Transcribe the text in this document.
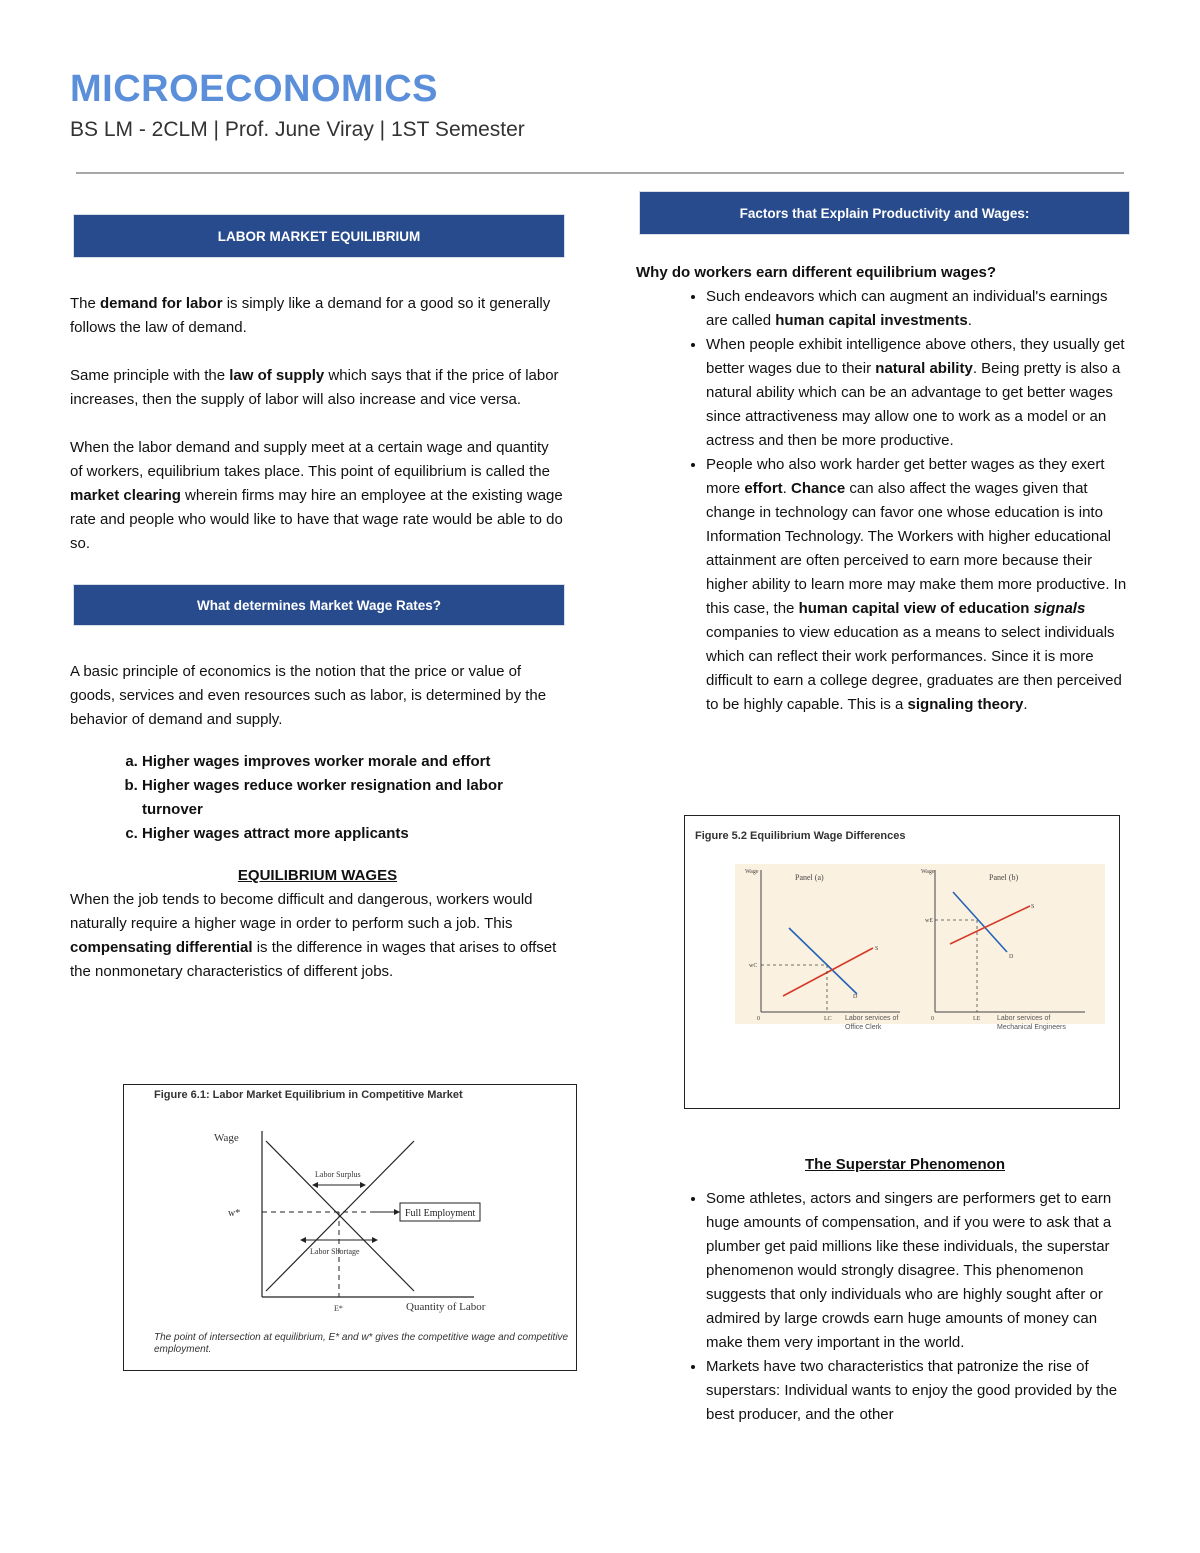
MICROECONOMICS

BS LM - 2CLM | Prof. June Viray | 1ST Semester

LABOR MARKET EQUILIBRIUM

The demand for labor is simply like a demand for a good so it generally follows the law of demand.

Same principle with the law of supply which says that if the price of labor increases, then the supply of labor will also increase and vice versa.

When the labor demand and supply meet at a certain wage and quantity of workers, equilibrium takes place. This point of equilibrium is called the market clearing wherein firms may hire an employee at the existing wage rate and people who would like to have that wage rate would be able to do so.

What determines Market Wage Rates?

A basic principle of economics is the notion that the price or value of goods, services and even resources such as labor, is determined by the behavior of demand and supply.

a. Higher wages improves worker morale and effort
b. Higher wages reduce worker resignation and labor turnover
c. Higher wages attract more applicants
EQUILIBRIUM WAGES

When the job tends to become difficult and dangerous, workers would naturally require a higher wage in order to perform such a job. This compensating differential is the difference in wages that arises to offset the nonmonetary characteristics of different jobs.

Figure 6.1: Labor Market Equilibrium in Competitive Market
Wage
w*
Labor Surplus
Labor Shortage
Full Employment
E*	Quantity of Labor
The point of intersection at equilibrium, E* and w* gives the competitive wage and competitive employment.
Factors that Explain Productivity and Wages:

Why do workers earn different equilibrium wages?

• Such endeavors which can augment an individual's earnings are called human capital investments.
• When people exhibit intelligence above others, they usually get better wages due to their natural ability. Being pretty is also a natural ability which can be an advantage to get better wages since attractiveness may allow one to work as a model or an actress and then be more productive.
• People who also work harder get better wages as they exert more effort. Chance can also affect the wages given that change in technology can favor one whose education is into Information Technology. The Workers with higher educational attainment are often perceived to earn more because their higher ability to learn more may make them more productive. In this case, the human capital view of education signals companies to view education as a means to select individuals which can reflect their work performances. Since it is more difficult to earn a college degree, graduates are then perceived to be highly capable. This is a signaling theory.
Figure 5.2 Equilibrium Wage Differences
Panel (a)	Panel (b)
Wage	Wage
wC
wE
S
D
S
D
0	0
LC	LE
Labor services of Office Clerk
Labor services of Mechanical Engineers
The Superstar Phenomenon
• Some athletes, actors and singers are performers get to earn huge amounts of compensation, and if you were to ask that a plumber get paid millions like these individuals, the superstar phenomenon would strongly disagree. This phenomenon suggests that only individuals who are highly sought after or admired by large crowds earn huge amounts of money can make them very important in the world.
• Markets have two characteristics that patronize the rise of superstars: Individual wants to enjoy the good provided by the best producer, and the other
